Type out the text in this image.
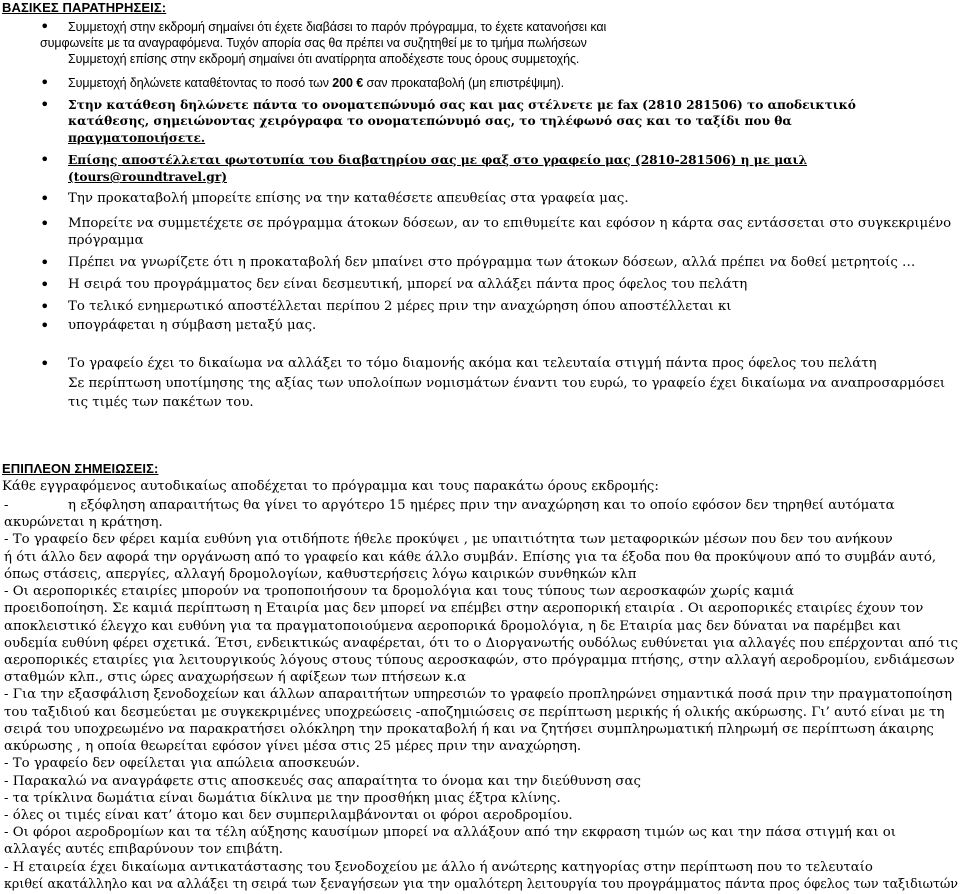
ΒΑΣΙΚΕΣ ΠΑΡΑΤΗΡΗΣΕΙΣ:
• Συμμετοχή στην εκδρομή σημαίνει ότι έχετε διαβάσει το παρόν πρόγραμμα, το έχετε κατανοήσει και
συμφωνείτε με τα αναγραφόμενα. Τυχόν απορία σας θα πρέπει να συζητηθεί με το τμήμα πωλήσεων
Συμμετοχή επίσης στην εκδρομή σημαίνει ότι ανατίρρητα αποδέχεστε τους όρους συμμετοχής.
• Συμμετοχή δηλώνετε καταθέτοντας το ποσό των 200 € σαν προκαταβολή (μη επιστρέψιμη).
• Στην κατάθεση δηλώνετε πάντα το ονοματεπώνυμό σας και μας στέλνετε με fax (2810 281506) το αποδεικτικό
κατάθεσης, σημειώνοντας χειρόγραφα το ονοματεπώνυμό σας, το τηλέφωνό σας και το ταξίδι που θα
πραγματοποιήσετε.
• Επίσης αποστέλλεται φωτοτυπία του διαβατηρίου σας με φαξ στο γραφείο μας (2810-281506) η με μαιλ
(tours@roundtravel.gr)
• Την προκαταβολή μπορείτε επίσης να την καταθέσετε απευθείας στα γραφεία μας.
• Μπορείτε να συμμετέχετε σε πρόγραμμα άτοκων δόσεων, αν το επιθυμείτε και εφόσον η κάρτα σας εντάσσεται στο συγκεκριμένο
πρόγραμμα
• Πρέπει να γνωρίζετε ότι η προκαταβολή δεν μπαίνει στο πρόγραμμα των άτοκων δόσεων, αλλά πρέπει να δοθεί μετρητοίς …
• Η σειρά του προγράμματος δεν είναι δεσμευτική, μπορεί να αλλάξει πάντα προς όφελος του πελάτη
• Το τελικό ενημερωτικό αποστέλλεται περίπου 2 μέρες πριν την αναχώρηση όπου αποστέλλεται κι
• υπογράφεται η σύμβαση μεταξύ μας.
• Το γραφείο έχει το δικαίωμα να αλλάξει το τόμο διαμονής ακόμα και τελευταία στιγμή πάντα προς όφελος του πελάτη
Σε περίπτωση υποτίμησης της αξίας των υπολοίπων νομισμάτων έναντι του ευρώ, το γραφείο έχει δικαίωμα να αναπροσαρμόσει
τις τιμές των πακέτων του.
ΕΠΙΠΛΕΟΝ ΣΗΜΕΙΩΣΕΙΣ:
Κάθε εγγραφόμενος αυτοδικαίως αποδέχεται το πρόγραμμα και τους παρακάτω όρους εκδρομής:
-	η εξόφληση απαραιτήτως θα γίνει το αργότερο 15 ημέρες πριν την αναχώρηση και το οποίο εφόσον δεν τηρηθεί αυτόματα
ακυρώνεται η κράτηση.
- Το γραφείο δεν φέρει καμία ευθύνη για οτιδήποτε ήθελε προκύψει , με υπαιτιότητα των μεταφορικών μέσων που δεν του ανήκουν
ή ότι άλλο δεν αφορά την οργάνωση από το γραφείο και κάθε άλλο συμβάν. Επίσης για τα έξοδα που θα προκύψουν από το συμβάν αυτό,
όπως στάσεις, απεργίες, αλλαγή δρομολογίων, καθυστερήσεις λόγω καιρικών συνθηκών κλπ
- Οι αεροπορικές εταιρίες μπορούν να τροποποιήσουν τα δρομολόγια και τους τύπους των αεροσκαφών χωρίς καμιά
προειδοποίηση. Σε καμιά περίπτωση η Εταιρία μας δεν μπορεί να επέμβει στην αεροπορική εταιρία . Οι αεροπορικές εταιρίες έχουν τον
αποκλειστικό έλεγχο και ευθύνη για τα πραγματοποιούμενα αεροπορικά δρομολόγια, η δε Εταιρία μας δεν δύναται να παρέμβει και
ουδεμία ευθύνη φέρει σχετικά. Έτσι, ενδεικτικώς αναφέρεται, ότι το ο Διοργανωτής ουδόλως ευθύνεται για αλλαγές που επέρχονται από τις
αεροπορικές εταιρίες για λειτουργικούς λόγους στους τύπους αεροσκαφών, στο πρόγραμμα πτήσης, στην αλλαγή αεροδρομίου, ενδιάμεσων
σταθμών κλπ., στις ώρες αναχωρήσεων ή αφίξεων των πτήσεων κ.α
- Για την εξασφάλιση ξενοδοχείων και άλλων απαραιτήτων υπηρεσιών το γραφείο προπληρώνει σημαντικά ποσά πριν την πραγματοποίηση
του ταξιδιού και δεσμεύεται με συγκεκριμένες υποχρεώσεις -αποζημιώσεις σε περίπτωση μερικής ή ολικής ακύρωσης. Γι’ αυτό είναι με τη
σειρά του υποχρεωμένο να παρακρατήσει ολόκληρη την προκαταβολή ή και να ζητήσει συμπληρωματική πληρωμή σε περίπτωση άκαιρης
ακύρωσης , η οποία θεωρείται εφόσον γίνει μέσα στις 25 μέρες πριν την αναχώρηση.
- Το γραφείο δεν οφείλεται για απώλεια αποσκευών.
- Παρακαλώ να αναγράφετε στις αποσκευές σας απαραίτητα το όνομα και την διεύθυνση σας
- τα τρίκλινα δωμάτια είναι δωμάτια δίκλινα με την προσθήκη μιας έξτρα κλίνης.
- όλες οι τιμές είναι κατ’ άτομο και δεν συμπεριλαμβάνονται οι φόροι αεροδρομίου.
- Οι φόροι αεροδρομίων και τα τέλη αύξησης καυσίμων μπορεί να αλλάξουν από την εκφραση τιμών ως και την πάσα στιγμή και οι
αλλαγές αυτές επιβαρύνουν τον επιβάτη.
- Η εταιρεία έχει δικαίωμα αντικατάστασης του ξενοδοχείου με άλλο ή ανώτερης κατηγορίας στην περίπτωση που το τελευταίο
κριθεί ακατάλληλο και να αλλάξει τη σειρά των ξεναγήσεων για την ομαλότερη λειτουργία του προγράμματος πάντα προς όφελος των ταξιδιωτών
